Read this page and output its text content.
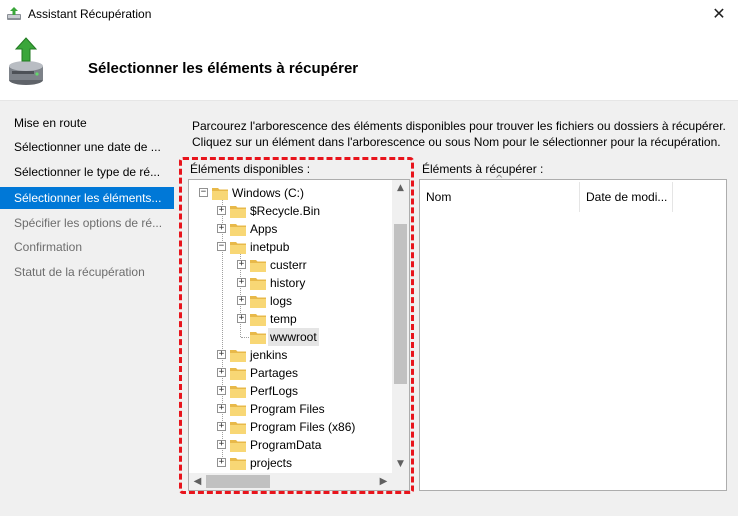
Assistant Récupération	✕
Sélectionner les éléments à récupérer
Mise en route
Sélectionner une date de ...
Sélectionner le type de ré...
Sélectionner les éléments...
Spécifier les options de ré...
Confirmation
Statut de la récupération
Parcourez l'arborescence des éléments disponibles pour trouver les fichiers ou dossiers à récupérer.
Cliquez sur un élément dans l'arborescence ou sous Nom pour le sélectionner pour la récupération.
Éléments disponibles :	Éléments à récupérer :
− Windows (C:)
+ $Recycle.Bin
+ Apps
− inetpub
+ custerr
+ history
+ logs
+ temp
wwwroot
+ jenkins
+ Partages
+ PerfLogs
+ Program Files
+ Program Files (x86)
+ ProgramData
+ projects
▲
▼
◀	▶
^
Nom	Date de modi...
